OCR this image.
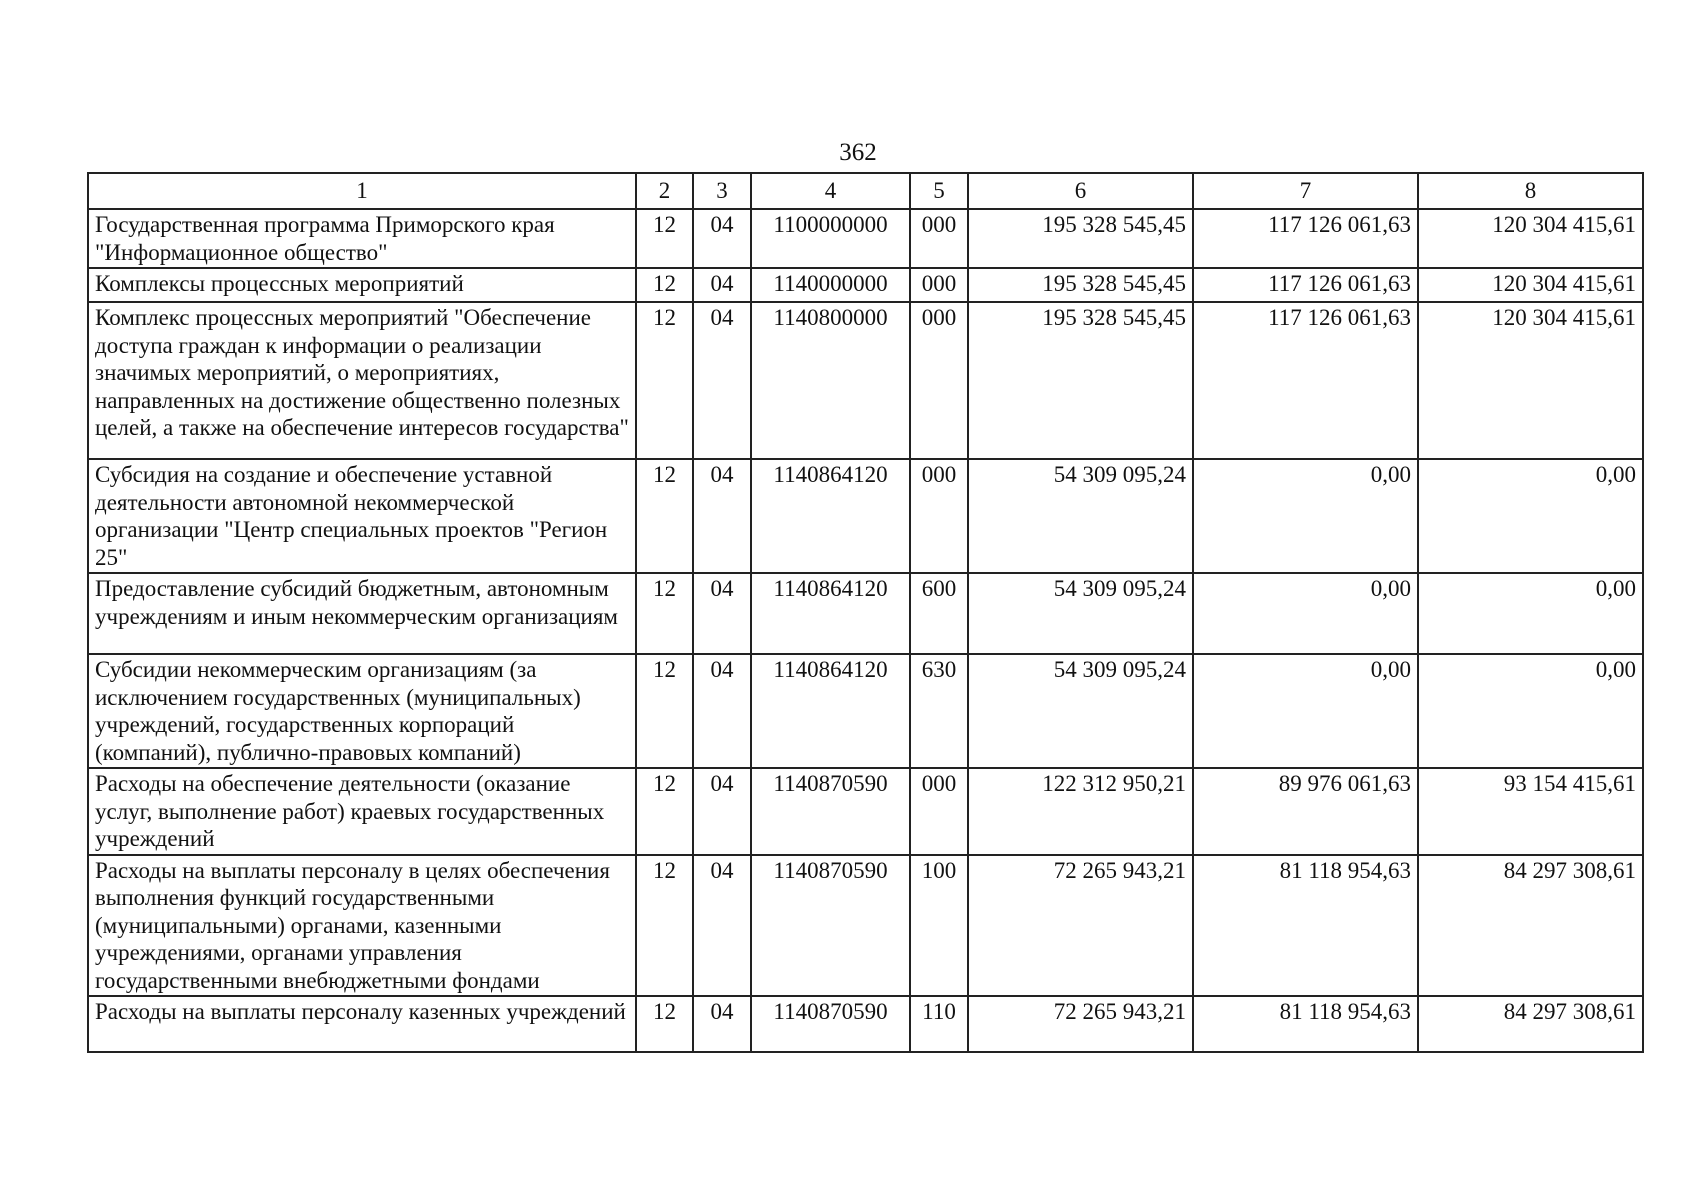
362
1	2	3	4	5	6	7	8
Государственная программа Приморского края "Информационное общество"	12	04	1100000000	000	195 328 545,45	117 126 061,63	120 304 415,61
Комплексы процессных мероприятий	12	04	1140000000	000	195 328 545,45	117 126 061,63	120 304 415,61
Комплекс процессных мероприятий "Обеспечение доступа граждан к информации о реализации значимых мероприятий, о мероприятиях, направленных на достижение общественно полезных целей, а также на обеспечение интересов государства"	12	04	1140800000	000	195 328 545,45	117 126 061,63	120 304 415,61
Субсидия на создание и обеспечение уставной деятельности автономной некоммерческой организации "Центр специальных проектов "Регион 25"	12	04	1140864120	000	54 309 095,24	0,00	0,00
Предоставление субсидий бюджетным, автономным учреждениям и иным некоммерческим организациям	12	04	1140864120	600	54 309 095,24	0,00	0,00
Субсидии некоммерческим организациям (за исключением государственных (муниципальных) учреждений, государственных корпораций (компаний), публично-правовых компаний)	12	04	1140864120	630	54 309 095,24	0,00	0,00
Расходы на обеспечение деятельности (оказание услуг, выполнение работ) краевых государственных учреждений	12	04	1140870590	000	122 312 950,21	89 976 061,63	93 154 415,61
Расходы на выплаты персоналу в целях обеспечения выполнения функций государственными (муниципальными) органами, казенными учреждениями, органами управления государственными внебюджетными фондами	12	04	1140870590	100	72 265 943,21	81 118 954,63	84 297 308,61
Расходы на выплаты персоналу казенных учреждений	12	04	1140870590	110	72 265 943,21	81 118 954,63	84 297 308,61
